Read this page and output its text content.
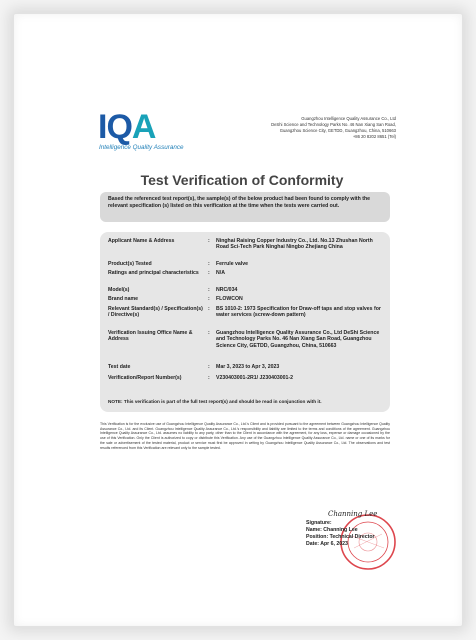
IQA
Intelligence Quality Assurance
Guangzhou Intelligence Quality Assurance Co., Ltd
DeShi Science and Technology Parks No. 46 Nan Xiang San Road,
Guangzhou Science City, GETDD, Guangzhou, China, 510663
+86 20 8202 8651 (Tel)
Test Verification of Conformity
Based the referenced test report(s), the sample(s) of the below product had been found to comply with the relevant specification (s) listed on this verification at the time when the tests were carried out.
Applicant Name & Address	: Ninghai Raising Copper Industry Co., Ltd. No.13 Zhushan North Road Sci-Tech Park Ninghai Ningbo Zhejiang China
Product(s) Tested	: Ferrule valve
Ratings and principal characteristics	: N/A
Model(s)	: NRC/034
Brand name	: FLOWCON
Relevant Standard(s) / Specification(s) / Directive(s)
: BS 1010-2: 1973 Specification for Draw-off taps and stop valves for water services (screw-down pattern)
Verification Issuing Office Name & Address
: Guangzhou Intelligence Quality Assurance Co., Ltd DeShi Science and Technology Parks No. 46 Nan Xiang San Road, Guangzhou Science City, GETDD, Guangzhou, China, 510663
Test date	: Mar 3, 2023 to Apr 3, 2023
Verification/Report Number(s)	: V230403001-2R1/ J230403001-2
NOTE: This verification is part of the full test report(s) and should be read in conjunction with it.
This Verification is for the exclusive use of Guangzhou Intelligence Quality Assurance Co., Ltd.'s Client and is provided pursuant to the agreement between Guangzhou Intelligence Quality Assurance Co., Ltd. and its Client. Guangzhou Intelligence Quality Assurance Co., Ltd.'s responsibility and liability are limited to the terms and conditions of the agreement. Guangzhou Intelligence Quality Assurance Co., Ltd. assumes no liability to any party, other than to the Client in accordance with the agreement, for any loss, expense or damage occasioned by the use of this Verification. Only the Client is authorized to copy or distribute this Verification. Any use of the Guangzhou Intelligence Quality Assurance Co., Ltd. name or one of its marks for the sale or advertisement of the tested material, product or service must first be approved in writing by Guangzhou Intelligence Quality Assurance Co., Ltd. The observations and test results referenced from this Verification are relevant only to the sample tested.
Channing Lee
Signature:
Name: Channing Lee
Position: Technical Director
Date: Apr 6, 2023
